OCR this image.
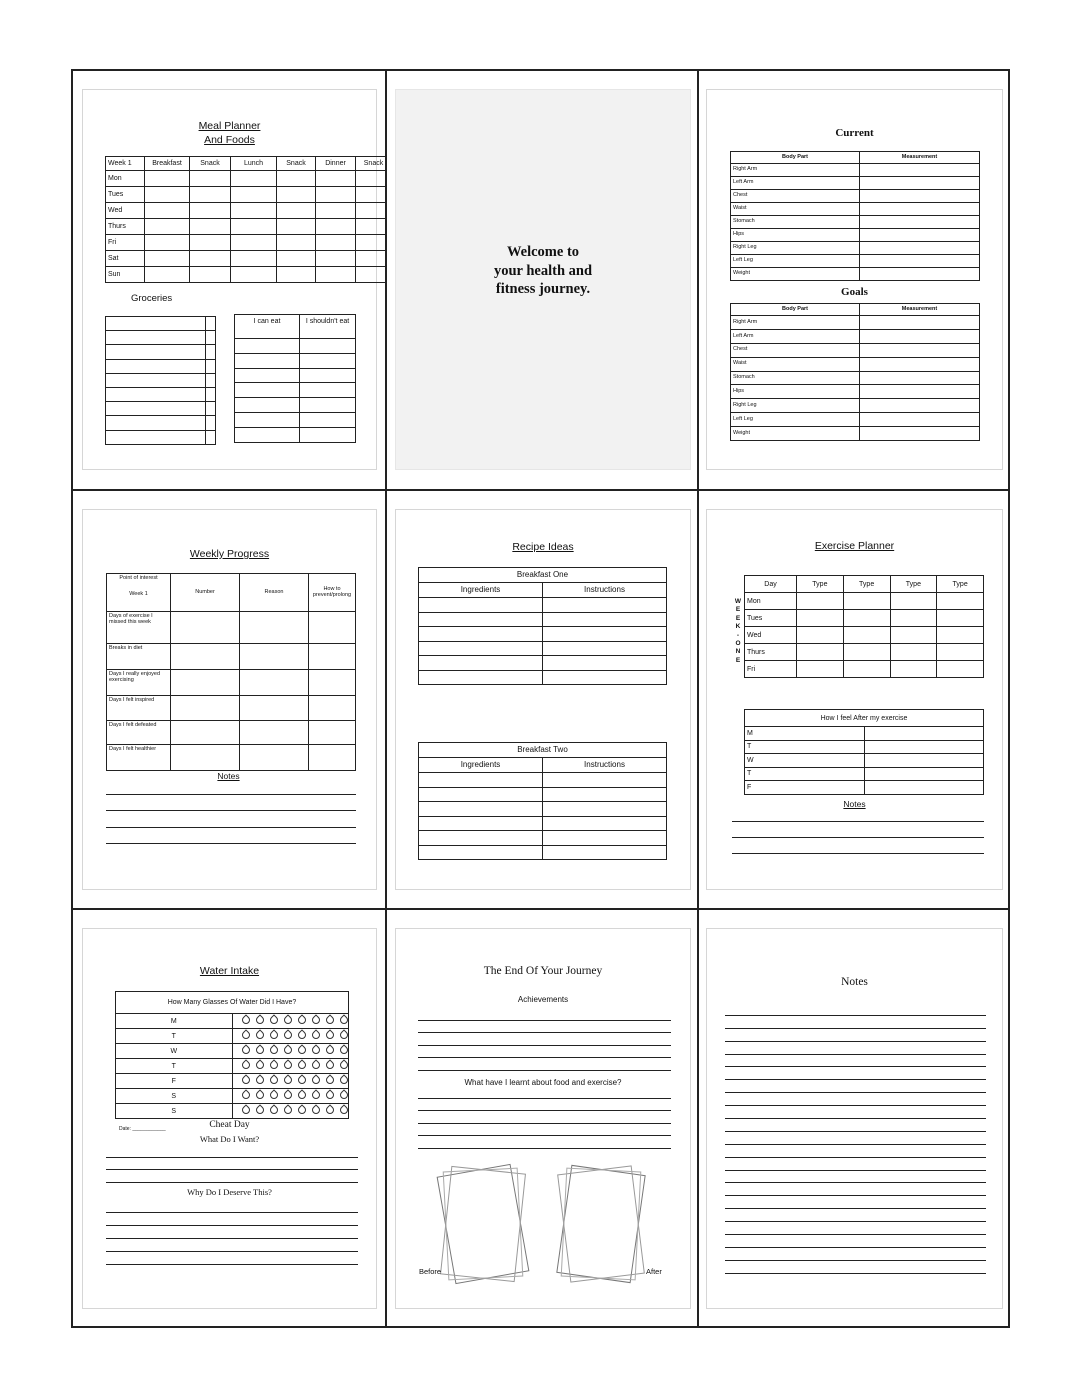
Meal Planner
And Foods
Week 1	Breakfast	Snack	Lunch	Snack	Dinner	Snack
Mon						
Tues						
Wed						
Thurs						
Fri						
Sat						
Sun						
Groceries

I can eat	I shouldn't eat

Welcome to
your health and
fitness journey.
Current
Body Part	Measurement
Right Arm	
Left Arm	
Chest	
Waist	
Stomach	
Hips	
Right Leg	
Left Leg	
Weight	
Goals
Body Part	Measurement
Right Arm	
Left Arm	
Chest	
Waist	
Stomach	
Hips	
Right Leg	
Left Leg	
Weight	
Weekly Progress
Point of interest
Week 1	Number	Reason	How to prevent/prolong
Days of exercise I missed this week			
Breaks in diet			
Days I really enjoyed exercising			
Days I felt inspired			
Days I felt defeated			
Days I felt healthier			
Notes
Recipe Ideas
Breakfast One	
Ingredients	Instructions

Breakfast Two	
Ingredients	Instructions

Exercise Planner
W
E
E
K
-
O
N
E
Day	Type	Type	Type	Type
Mon				
Tues				
Wed				
Thurs				
Fri				
How I feel After my exercise	
M	
T	
W	
T	
F	
Notes
Water Intake
How Many Glasses Of Water Did I Have?	
M	
T	
W	
T	
F	
S	
S	
Date: ____________	Cheat Day
What Do I Want?
Why Do I Deserve This?
The End Of Your Journey
Achievements
What have I learnt about food and exercise?
Before	After
Notes
